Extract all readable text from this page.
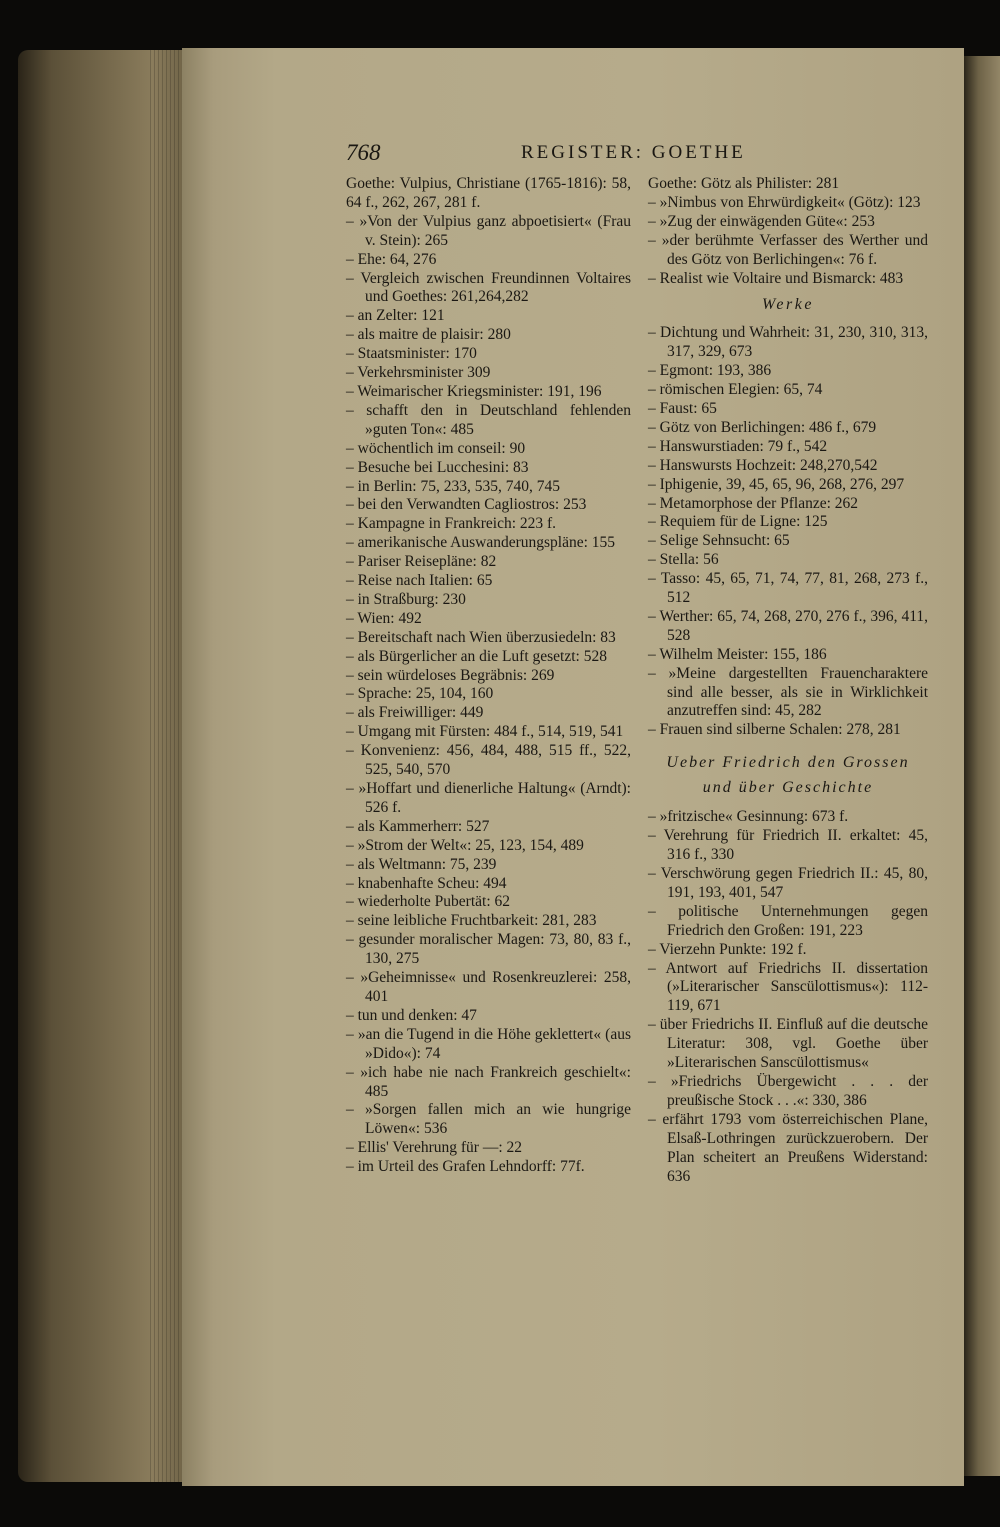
768	REGISTER: GOETHE

Goethe: Vulpius, Christiane (1765-1816): 58, 64 f., 262, 267, 281 f.

– »Von der Vulpius ganz abpoetisiert« (Frau v. Stein): 265

– Ehe: 64, 276

– Vergleich zwischen Freundinnen Voltaires und Goethes: 261,264,282

– an Zelter: 121

– als maitre de plaisir: 280

– Staatsminister: 170

– Verkehrsminister 309

– Weimarischer Kriegsminister: 191, 196

– schafft den in Deutschland fehlenden »guten Ton«: 485

– wöchentlich im conseil: 90

– Besuche bei Lucchesini: 83

– in Berlin: 75, 233, 535, 740, 745

– bei den Verwandten Cagliostros: 253

– Kampagne in Frankreich: 223 f.

– amerikanische Auswanderungspläne: 155

– Pariser Reisepläne: 82

– Reise nach Italien: 65

– in Straßburg: 230

– Wien: 492

– Bereitschaft nach Wien überzusiedeln: 83

– als Bürgerlicher an die Luft gesetzt: 528

– sein würdeloses Begräbnis: 269

– Sprache: 25, 104, 160

– als Freiwilliger: 449

– Umgang mit Fürsten: 484 f., 514, 519, 541

– Konvenienz: 456, 484, 488, 515 ff., 522, 525, 540, 570

– »Hoffart und dienerliche Haltung« (Arndt): 526 f.

– als Kammerherr: 527

– »Strom der Welt«: 25, 123, 154, 489

– als Weltmann: 75, 239

– knabenhafte Scheu: 494

– wiederholte Pubertät: 62

– seine leibliche Fruchtbarkeit: 281, 283

– gesunder moralischer Magen: 73, 80, 83 f., 130, 275

– »Geheimnisse« und Rosenkreuzlerei: 258, 401

– tun und denken: 47

– »an die Tugend in die Höhe geklettert« (aus »Dido«): 74

– »ich habe nie nach Frankreich geschielt«: 485

– »Sorgen fallen mich an wie hungrige Löwen«: 536

– Ellis' Verehrung für —: 22

– im Urteil des Grafen Lehndorff: 77f.

Goethe: Götz als Philister: 281

– »Nimbus von Ehrwürdigkeit« (Götz): 123

– »Zug der einwägenden Güte«: 253

– »der berühmte Verfasser des Werther und des Götz von Berlichingen«: 76 f.

– Realist wie Voltaire und Bismarck: 483

Werke

– Dichtung und Wahrheit: 31, 230, 310, 313, 317, 329, 673

– Egmont: 193, 386

– römischen Elegien: 65, 74

– Faust: 65

– Götz von Berlichingen: 486 f., 679

– Hanswurstiaden: 79 f., 542

– Hanswursts Hochzeit: 248,270,542

– Iphigenie, 39, 45, 65, 96, 268, 276, 297

– Metamorphose der Pflanze: 262

– Requiem für de Ligne: 125

– Selige Sehnsucht: 65

– Stella: 56

– Tasso: 45, 65, 71, 74, 77, 81, 268, 273 f., 512

– Werther: 65, 74, 268, 270, 276 f., 396, 411, 528

– Wilhelm Meister: 155, 186

– »Meine dargestellten Frauencharaktere sind alle besser, als sie in Wirklichkeit anzutreffen sind: 45, 282

– Frauen sind silberne Schalen: 278, 281

Ueber Friedrich den Grossen
und über Geschichte

– »fritzische« Gesinnung: 673 f.

– Verehrung für Friedrich II. erkaltet: 45, 316 f., 330

– Verschwörung gegen Friedrich II.: 45, 80, 191, 193, 401, 547

– politische Unternehmungen gegen Friedrich den Großen: 191, 223

– Vierzehn Punkte: 192 f.

– Antwort auf Friedrichs II. dissertation (»Literarischer Sanscülottismus«): 112-119, 671

– über Friedrichs II. Einfluß auf die deutsche Literatur: 308, vgl. Goethe über »Literarischen Sanscülottismus«

– »Friedrichs Übergewicht . . . der preußische Stock . . .«: 330, 386

– erfährt 1793 vom österreichischen Plane, Elsaß-Lothringen zurückzuerobern. Der Plan scheitert an Preußens Widerstand: 636
